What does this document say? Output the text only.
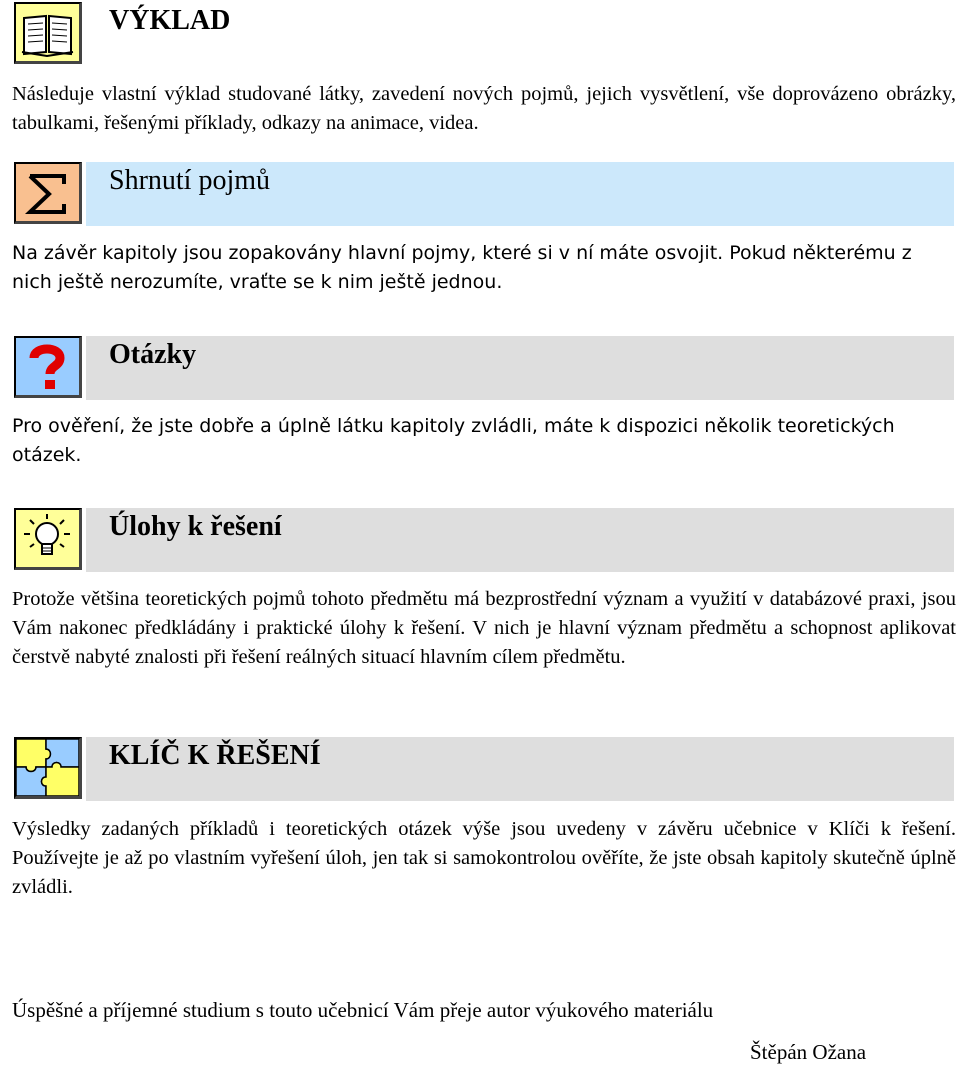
VÝKLAD
Následuje vlastní výklad studované látky, zavedení nových pojmů, jejich vysvětlení, vše doprovázeno obrázky, tabulkami, řešenými příklady, odkazy na animace, videa.
Shrnutí pojmů
Na závěr kapitoly jsou zopakovány hlavní pojmy, které si v ní máte osvojit. Pokud některému z nich ještě nerozumíte, vraťte se k nim ještě jednou.
Otázky
Pro ověření, že jste dobře a úplně látku kapitoly zvládli, máte k dispozici několik teoretických otázek.
Úlohy k řešení
Protože většina teoretických pojmů tohoto předmětu má bezprostřední význam a využití v databázové praxi, jsou Vám nakonec předkládány i praktické úlohy k řešení. V nich je hlavní význam předmětu a schopnost aplikovat čerstvě nabyté znalosti při řešení reálných situací hlavním cílem předmětu.
KLÍČ K ŘEŠENÍ
Výsledky zadaných příkladů i teoretických otázek výše jsou uvedeny v závěru učebnice v Klíči k řešení. Používejte je až po vlastním vyřešení úloh, jen tak si samokontrolou ověříte, že jste obsah kapitoly skutečně úplně zvládli.
Úspěšné a příjemné studium s touto učebnicí Vám přeje autor výukového materiálu
Štěpán Ožana
